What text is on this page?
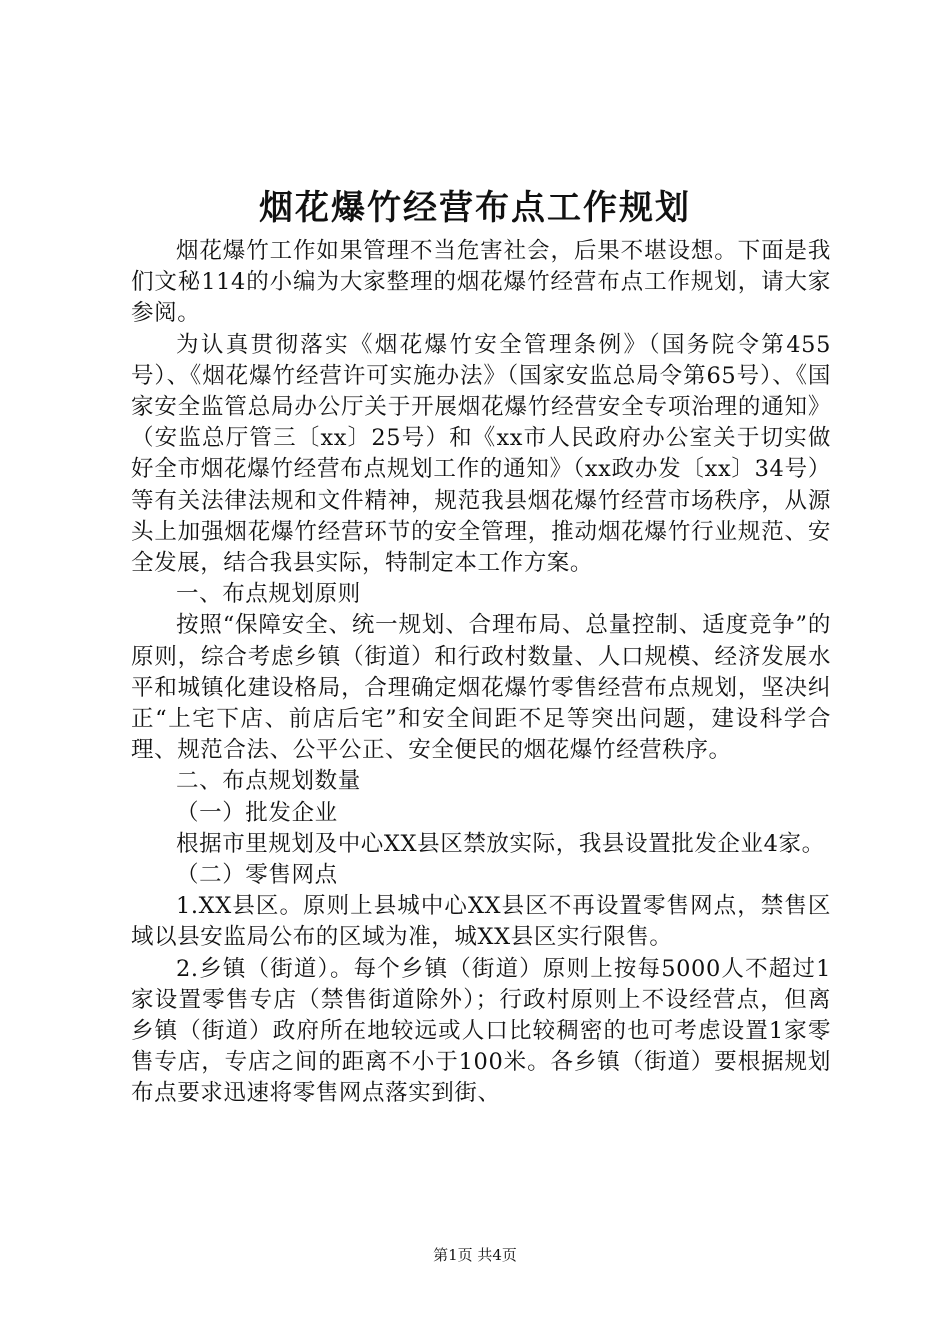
烟花爆竹经营布点工作规划

烟花爆竹工作如果管理不当危害社会，后果不堪设想。下面是我们文秘114的小编为大家整理的烟花爆竹经营布点工作规划，请大家参阅。

为认真贯彻落实《烟花爆竹安全管理条例》（国务院令第455号）、《烟花爆竹经营许可实施办法》（国家安监总局令第65号）、《国家安全监管总局办公厅关于开展烟花爆竹经营安全专项治理的通知》（安监总厅管三〔xx〕25号）和《xx市人民政府办公室关于切实做好全市烟花爆竹经营布点规划工作的通知》（xx政办发〔xx〕34号）等有关法律法规和文件精神，规范我县烟花爆竹经营市场秩序，从源头上加强烟花爆竹经营环节的安全管理，推动烟花爆竹行业规范、安全发展，结合我县实际，特制定本工作方案。

一、布点规划原则

按照“保障安全、统一规划、合理布局、总量控制、适度竞争”的原则，综合考虑乡镇（街道）和行政村数量、人口规模、经济发展水平和城镇化建设格局，合理确定烟花爆竹零售经营布点规划，坚决纠正“上宅下店、前店后宅”和安全间距不足等突出问题，建设科学合理、规范合法、公平公正、安全便民的烟花爆竹经营秩序。

二、布点规划数量

（一）批发企业

根据市里规划及中心XX县区禁放实际，我县设置批发企业4家。

（二）零售网点

1.XX县区。原则上县城中心XX县区不再设置零售网点，禁售区域以县安监局公布的区域为准，城XX县区实行限售。

2.乡镇（街道）。每个乡镇（街道）原则上按每5000人不超过1家设置零售专店（禁售街道除外）；行政村原则上不设经营点，但离乡镇（街道）政府所在地较远或人口比较稠密的也可考虑设置1家零售专店，专店之间的距离不小于100米。各乡镇（街道）要根据规划布点要求迅速将零售网点落实到街、

第1页 共4页
